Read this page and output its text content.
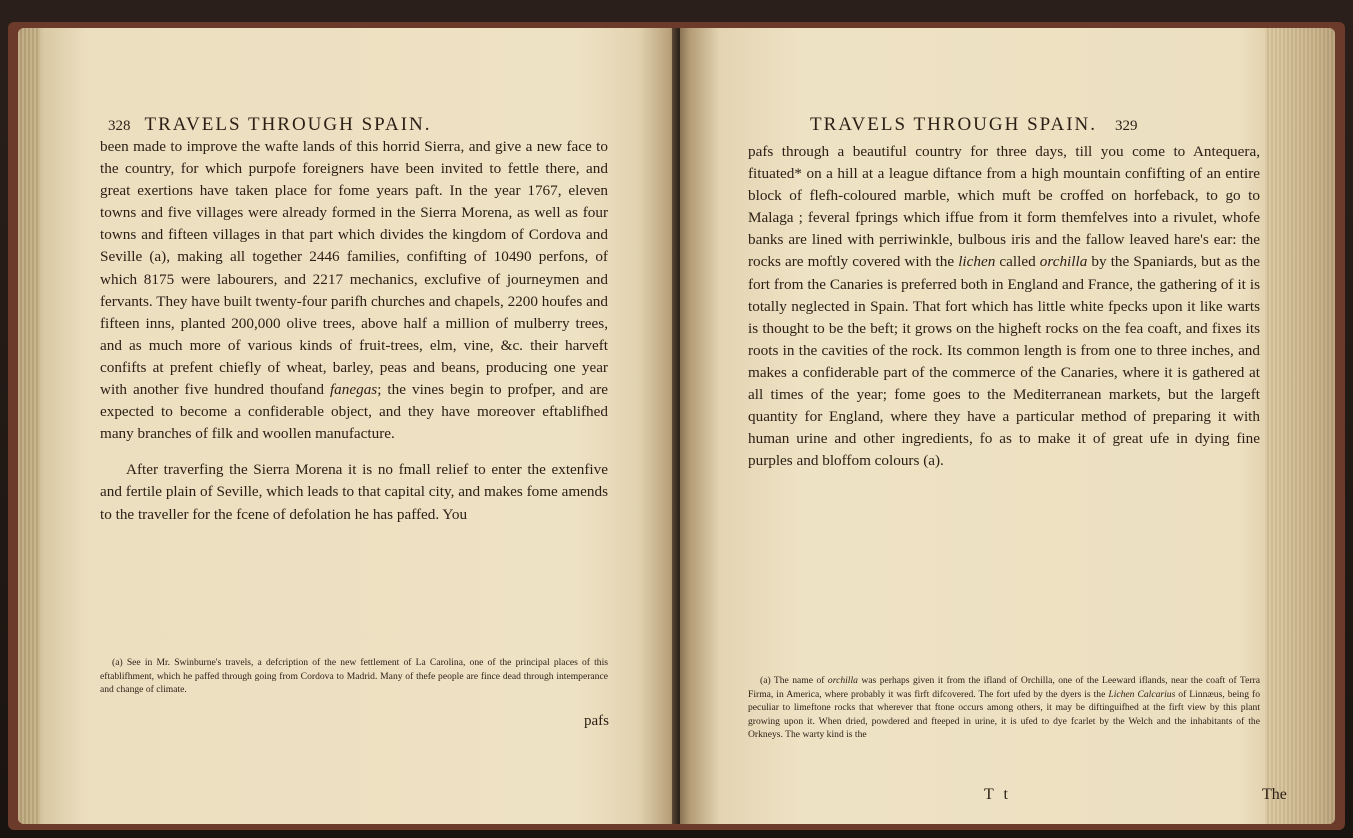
328 TRAVELS THROUGH SPAIN.

been made to improve the wafte lands of this horrid Sierra, and give a new face to the country, for which purpofe foreigners have been invited to fettle there, and great exertions have taken place for fome years paft. In the year 1767, eleven towns and five villages were already formed in the Sierra Morena, as well as four towns and fifteen villages in that part which divides the kingdom of Cordova and Seville (a), making all together 2446 families, confifting of 10490 perfons, of which 8175 were labourers, and 2217 mechanics, exclufive of journeymen and fervants. They have built twenty-four parifh churches and chapels, 2200 houfes and fifteen inns, planted 200,000 olive trees, above half a million of mulberry trees, and as much more of various kinds of fruit-trees, elm, vine, &c. their harveft confifts at prefent chiefly of wheat, barley, peas and beans, producing one year with another five hundred thoufand fanegas; the vines begin to profper, and are expected to become a confiderable object, and they have moreover eftablifhed many branches of filk and woollen manufacture.

After traverfing the Sierra Morena it is no fmall relief to enter the extenfive and fertile plain of Seville, which leads to that capital city, and makes fome amends to the traveller for the fcene of defolation he has paffed. You

(a) See in Mr. Swinburne's travels, a defcription of the new fettlement of La Carolina, one of the principal places of this eftablifhment, which he paffed through going from Cordova to Madrid. Many of thefe people are fince dead through intemperance and change of climate.

pafs
TRAVELS THROUGH SPAIN. 329

pafs through a beautiful country for three days, till you come to Antequera, fituated* on a hill at a league diftance from a high mountain confifting of an entire block of flefh-coloured marble, which muft be croffed on horfeback, to go to Malaga ; feveral fprings which iffue from it form themfelves into a rivulet, whofe banks are lined with perriwinkle, bulbous iris and the fallow leaved hare's ear: the rocks are moftly covered with the lichen called orchilla by the Spaniards, but as the fort from the Canaries is preferred both in England and France, the gathering of it is totally neglected in Spain. That fort which has little white fpecks upon it like warts is thought to be the beft; it grows on the higheft rocks on the fea coaft, and fixes its roots in the cavities of the rock. Its common length is from one to three inches, and makes a confiderable part of the commerce of the Canaries, where it is gathered at all times of the year; fome goes to the Mediterranean markets, but the largeft quantity for England, where they have a particular method of preparing it with human urine and other ingredients, fo as to make it of great ufe in dying fine purples and bloffom colours (a).

(a) The name of orchilla was perhaps given it from the ifland of Orchilla, one of the Leeward iflands, near the coaft of Terra Firma, in America, where probably it was firft difcovered. The fort ufed by the dyers is the Lichen Calcarius of Linnæus, being fo peculiar to limeftone rocks that wherever that ftone occurs among others, it may be diftinguifhed at the firft view by this plant growing upon it. When dried, powdered and fteeped in urine, it is ufed to dye fcarlet by the Welch and the inhabitants of the Orkneys. The warty kind is the

T t	The
